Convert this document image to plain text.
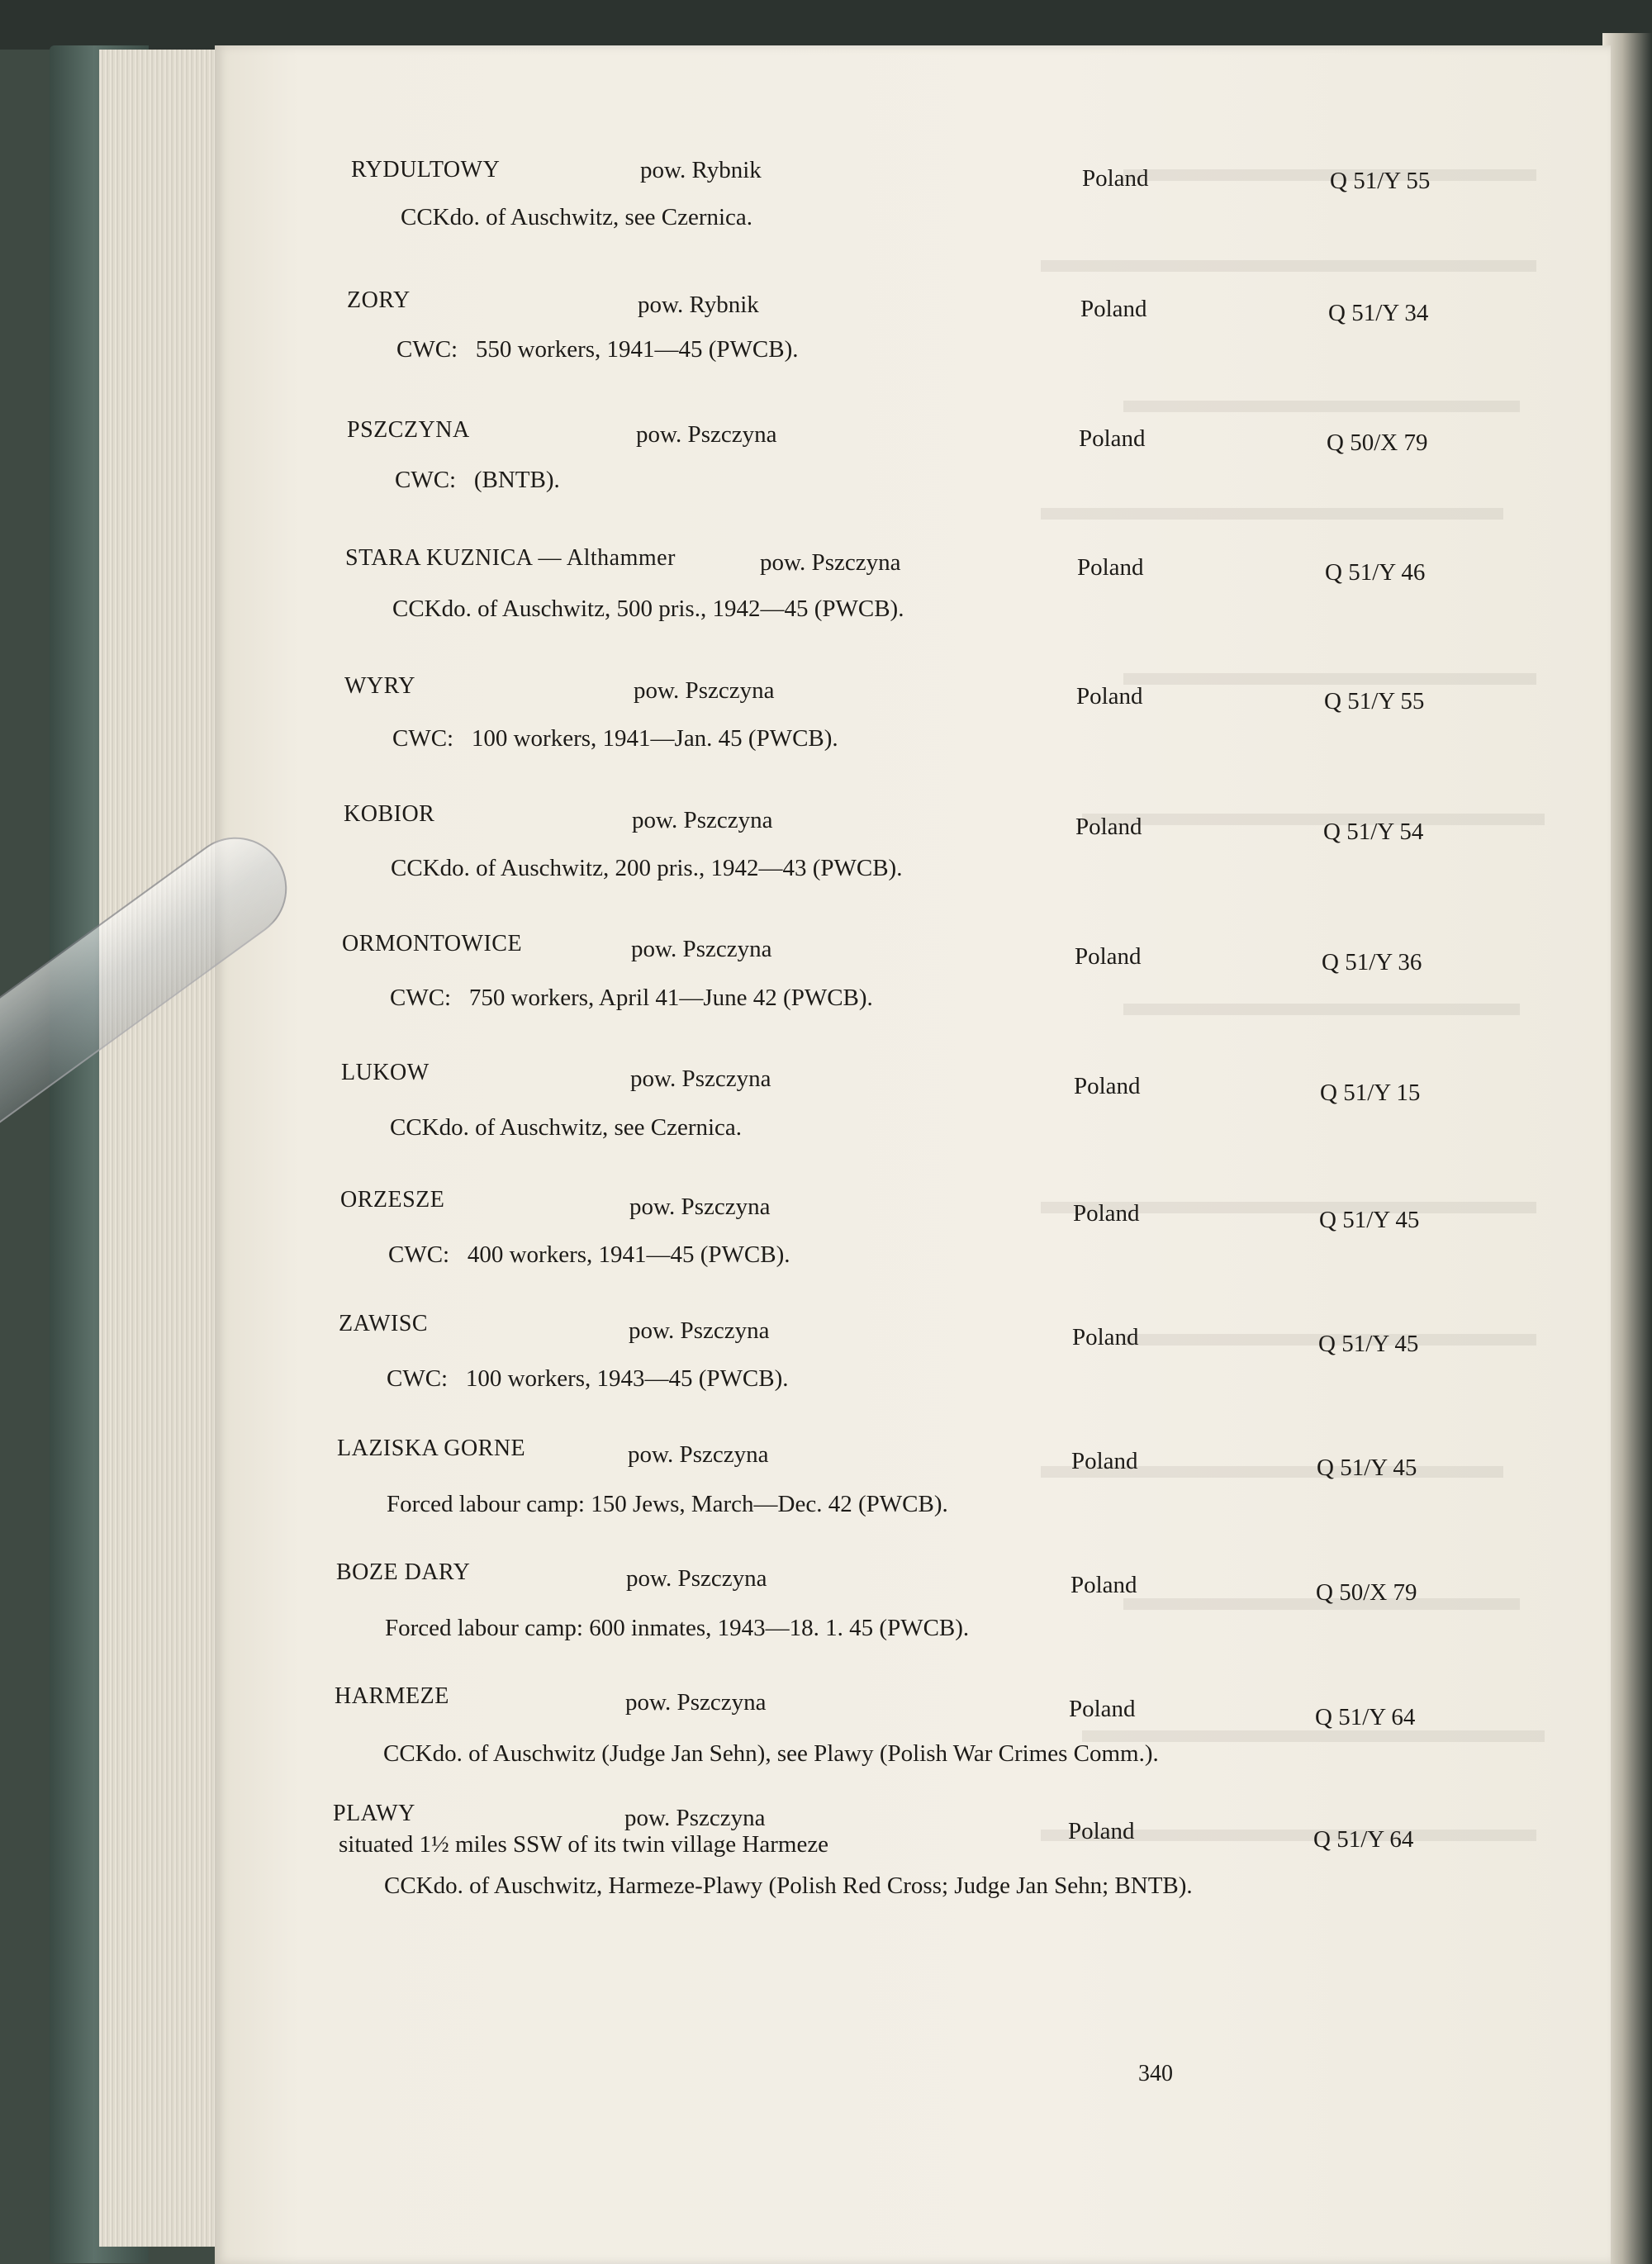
RYDULTOWY	pow. Rybnik	Poland	Q 51/Y 55
CCKdo. of Auschwitz, see Czernica.
ZORY	pow. Rybnik	Poland	Q 51/Y 34
CWC:   550 workers, 1941—45 (PWCB).
PSZCZYNA	pow. Pszczyna	Poland	Q 50/X 79
CWC:   (BNTB).
STARA KUZNICA — Althammer	pow. Pszczyna	Poland	Q 51/Y 46
CCKdo. of Auschwitz, 500 pris., 1942—45 (PWCB).
WYRY	pow. Pszczyna	Poland	Q 51/Y 55
CWC:   100 workers, 1941—Jan. 45 (PWCB).
KOBIOR	pow. Pszczyna	Poland	Q 51/Y 54
CCKdo. of Auschwitz, 200 pris., 1942—43 (PWCB).
ORMONTOWICE	pow. Pszczyna	Poland	Q 51/Y 36
CWC:   750 workers, April 41—June 42 (PWCB).
LUKOW	pow. Pszczyna	Poland	Q 51/Y 15
CCKdo. of Auschwitz, see Czernica.
ORZESZE	pow. Pszczyna	Poland	Q 51/Y 45
CWC:   400 workers, 1941—45 (PWCB).
ZAWISC	pow. Pszczyna	Poland	Q 51/Y 45
CWC:   100 workers, 1943—45 (PWCB).
LAZISKA GORNE	pow. Pszczyna	Poland	Q 51/Y 45
Forced labour camp: 150 Jews, March—Dec. 42 (PWCB).
BOZE DARY	pow. Pszczyna	Poland	Q 50/X 79
Forced labour camp: 600 inmates, 1943—18. 1. 45 (PWCB).
HARMEZE	pow. Pszczyna	Poland	Q 51/Y 64
CCKdo. of Auschwitz (Judge Jan Sehn), see Plawy (Polish War Crimes Comm.).
PLAWY	pow. Pszczyna	Poland	Q 51/Y 64
situated 1½ miles SSW of its twin village Harmeze
CCKdo. of Auschwitz, Harmeze-Plawy (Polish Red Cross; Judge Jan Sehn; BNTB).
340
